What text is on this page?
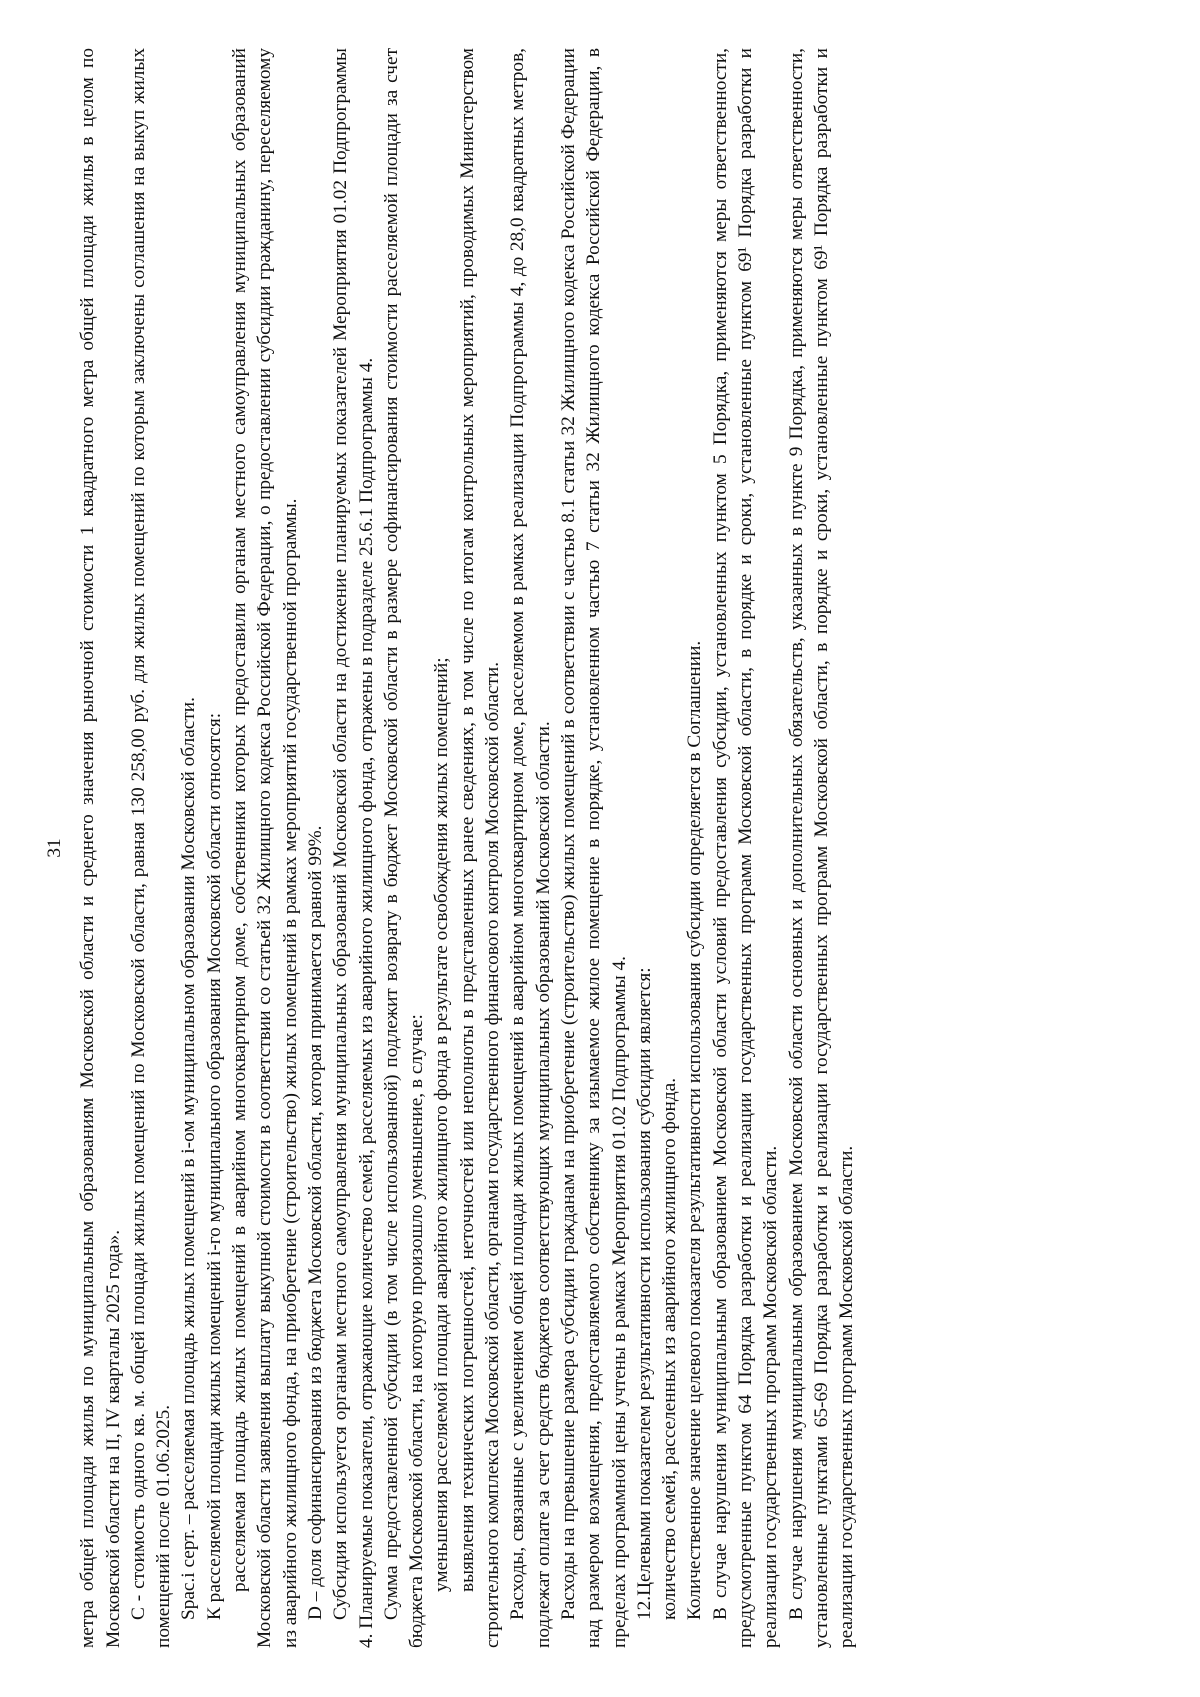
31 метра общей площади жилья по муниципальным образованиям Московской области и среднего значения рыночной стоимости 1 квадратного метра общей площади жилья в целом по Московской области на II, IV кварталы 2025 года». C - стоимость одного кв. м. общей площади жилых помещений по Московской области, равная 130 258,00 руб. для жилых помещений по которым заключены соглашения на выкуп жилых помещений после 01.06.2025. Spac.i серт. – расселяемая площадь жилых помещений в i-ом муниципальном образовании Московской области. К расселяемой площади жилых помещений i-го муниципального образования Московской области относятся: расселяемая площадь жилых помещений в аварийном многоквартирном доме, собственники которых предоставили органам местного самоуправления муниципальных образований Московской области заявления выплату выкупной стоимости в соответствии со статьей 32 Жилищного кодекса Российской Федерации, о предоставлении субсидии гражданину, переселяемому из аварийного жилищного фонда, на приобретение (строительство) жилых помещений в рамках мероприятий государственной программы. D – доля софинансирования из бюджета Московской области, которая принимается равной 99%. Субсидия используется органами местного самоуправления муниципальных образований Московской области на достижение планируемых показателей Мероприятия 01.02 Подпрограммы 4. Планируемые показатели, отражающие количество семей, расселяемых из аварийного жилищного фонда, отражены в подразделе 25.6.1 Подпрограммы 4. Сумма предоставленной субсидии (в том числе использованной) подлежит возврату в бюджет Московской области в размере софинансирования стоимости расселяемой площади за счет бюджета Московской области, на которую произошло уменьшение, в случае: уменьшения расселяемой площади аварийного жилищного фонда в результате освобождения жилых помещений; выявления технических погрешностей, неточностей или неполноты в представленных ранее сведениях, в том числе по итогам контрольных мероприятий, проводимых Министерством строительного комплекса Московской области, органами государственного финансового контроля Московской области. Расходы, связанные с увеличением общей площади жилых помещений в аварийном многоквартирном доме, расселяемом в рамках реализации Подпрограммы 4, до 28,0 квадратных метров, подлежат оплате за счет средств бюджетов соответствующих муниципальных образований Московской области. Расходы на превышение размера субсидии гражданам на приобретение (строительство) жилых помещений в соответствии с частью 8.1 статьи 32 Жилищного кодекса Российской Федерации над размером возмещения, предоставляемого собственнику за изымаемое жилое помещение в порядке, установленном частью 7 статьи 32 Жилищного кодекса Российской Федерации, в пределах программной цены учтены в рамках Мероприятия 01.02 Подпрограммы 4. 12.Целевыми показателем результативности использования субсидии является: количество семей, расселенных из аварийного жилищного фонда. Количественное значение целевого показателя результативности использования субсидии определяется в Соглашении. В случае нарушения муниципальным образованием Московской области условий предоставления субсидии, установленных пунктом 5 Порядка, применяются меры ответственности, предусмотренные пунктом 64 Порядка разработки и реализации государственных программ Московской области, в порядке и сроки, установленные пунктом 69¹ Порядка разработки и реализации государственных программ Московской области. В случае нарушения муниципальным образованием Московской области основных и дополнительных обязательств, указанных в пункте 9 Порядка, применяются меры ответственности, установленные пунктами 65-69 Порядка разработки и реализации государственных программ Московской области, в порядке и сроки, установленные пунктом 69¹ Порядка разработки и реализации государственных программ Московской области.
